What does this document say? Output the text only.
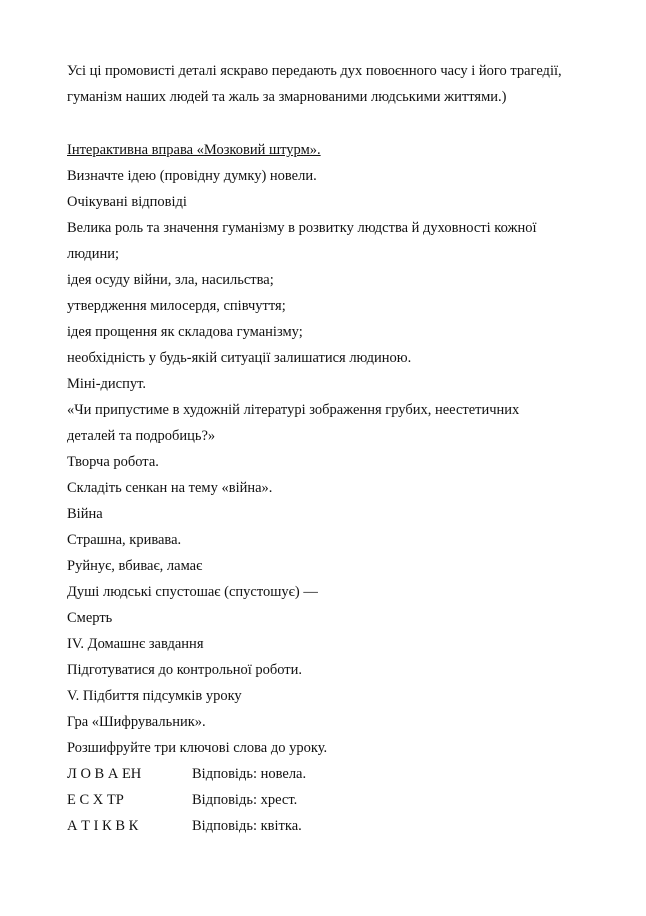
Усі ці промовисті деталі яскраво передають дух повоєнного часу і його трагедії,

гуманізм наших людей та жаль за змарнованими людськими життями.)

Інтерактивна вправа «Мозковий штурм».

Визначте ідею (провідну думку) новели.

Очікувані відповіді

Велика роль та значення гуманізму в розвитку людства й духовності кожної

людини;

ідея осуду війни, зла, насильства;

утвердження милосердя, співчуття;

ідея прощення як складова гуманізму;

необхідність у будь-якій ситуації залишатися людиною.

Міні-диспут.

«Чи припустиме в художній літературі зображення грубих, неестетичних

деталей та подробиць?»

Творча робота.

Складіть сенкан на тему «війна».

Війна

Страшна, кривава.

Руйнує, вбиває, ламає

Душі людські спустошає (спустошує) —

Смерть

IV. Домашнє завдання

Підготуватися до контрольної роботи.

V. Підбиття підсумків уроку

Гра «Шифрувальник».

Розшифруйте три ключові слова до уроку.

Л О В А ЕН	Відповідь: новела.
Е С Х ТР	Відповідь: хрест.
А Т І К В К	Відповідь: квітка.
